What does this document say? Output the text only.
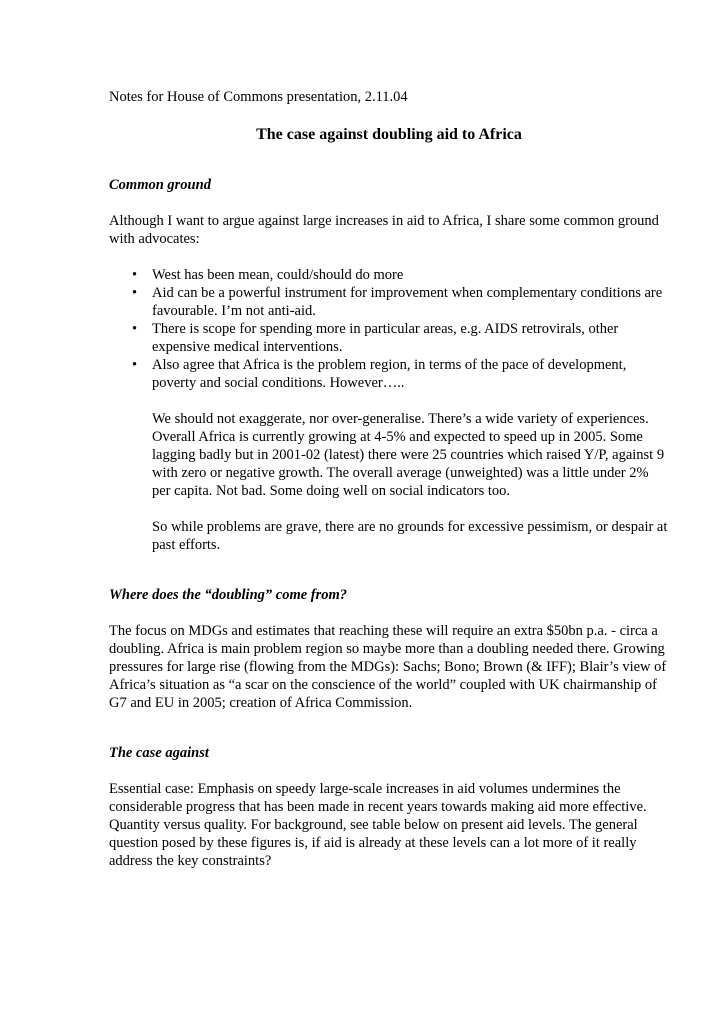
Notes for House of Commons presentation, 2.11.04

The case against doubling aid to Africa

Common ground

Although I want to argue against large increases in aid to Africa, I share some common ground with advocates:

• West has been mean, could/should do more
• Aid can be a powerful instrument for improvement when complementary conditions are favourable. I’m not anti-aid.
• There is scope for spending more in particular areas, e.g. AIDS retrovirals, other expensive medical interventions.
• Also agree that Africa is the problem region, in terms of the pace of development, poverty and social conditions. However…..

We should not exaggerate, nor over-generalise. There’s a wide variety of experiences. Overall Africa is currently growing at 4-5% and expected to speed up in 2005. Some lagging badly but in 2001-02 (latest) there were 25 countries which raised Y/P, against 9 with zero or negative growth. The overall average (unweighted) was a little under 2% per capita. Not bad. Some doing well on social indicators too.

So while problems are grave, there are no grounds for excessive pessimism, or despair at past efforts.

Where does the “doubling” come from?

The focus on MDGs and estimates that reaching these will require an extra $50bn p.a. - circa a doubling. Africa is main problem region so maybe more than a doubling needed there. Growing pressures for large rise (flowing from the MDGs): Sachs; Bono; Brown (& IFF); Blair’s view of Africa’s situation as “a scar on the conscience of the world” coupled with UK chairmanship of G7 and EU in 2005; creation of Africa Commission.

The case against

Essential case: Emphasis on speedy large-scale increases in aid volumes undermines the considerable progress that has been made in recent years towards making aid more effective. Quantity versus quality. For background, see table below on present aid levels. The general question posed by these figures is, if aid is already at these levels can a lot more of it really address the key constraints?
